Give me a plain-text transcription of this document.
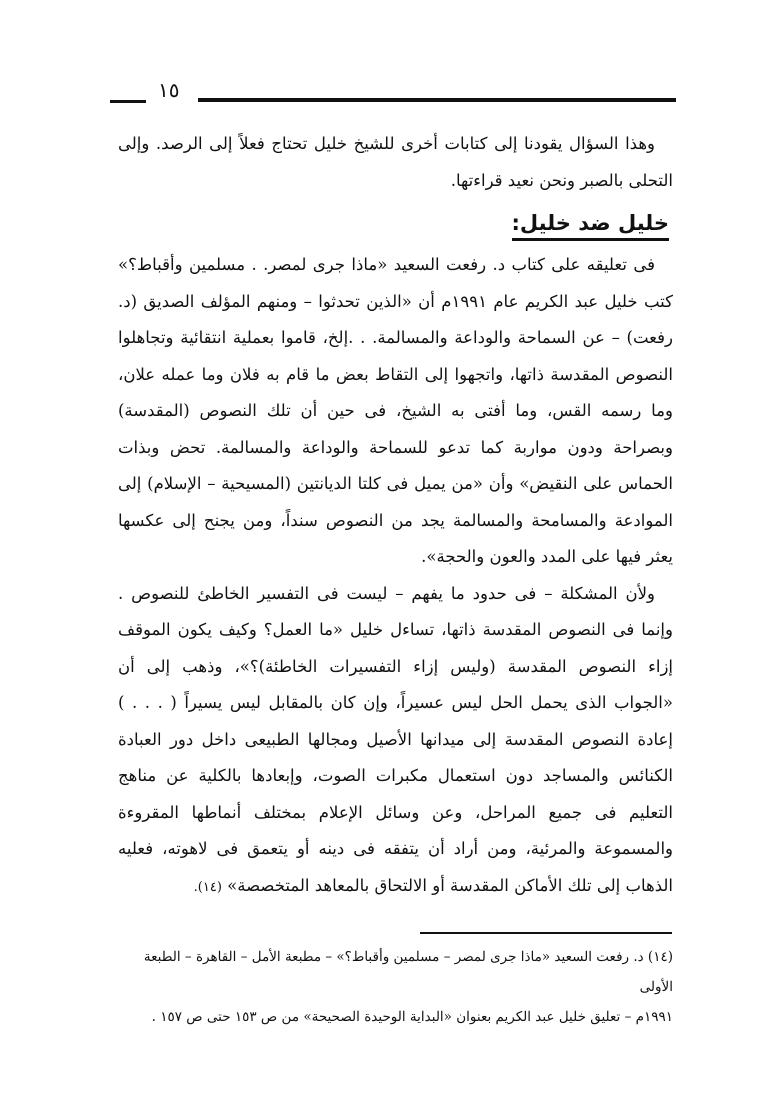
١٥

وهذا السؤال يقودنا إلى كتابات أخرى للشيخ خليل تحتاج فعلاً إلى الرصد. وإلى التحلى بالصبر ونحن نعيد قراءتها.

خليل ضد خليل:

فى تعليقه على كتاب د. رفعت السعيد «ماذا جرى لمصر. . مسلمين وأقباط؟» كتب خليل عبد الكريم عام ١٩٩١م أن «الذين تحدثوا – ومنهم المؤلف الصديق (د. رفعت) – عن السماحة والوداعة والمسالمة. . .إلخ، قاموا بعملية انتقائية وتجاهلوا النصوص المقدسة ذاتها، واتجهوا إلى التقاط بعض ما قام به فلان وما عمله علان، وما رسمه القس، وما أفتى به الشيخ، فى حين أن تلك النصوص (المقدسة) وبصراحة ودون مواربة كما تدعو للسماحة والوداعة والمسالمة. تحض وبذات الحماس على النقيض» وأن «من يميل فى كلتا الديانتين (المسيحية – الإسلام) إلى الموادعة والمسامحة والمسالمة يجد من النصوص سنداً، ومن يجنح إلى عكسها يعثر فيها على المدد والعون والحجة».

ولأن المشكلة – فى حدود ما يفهم – ليست فى التفسير الخاطئ للنصوص . وإنما فى النصوص المقدسة ذاتها، تساءل خليل «ما العمل؟ وكيف يكون الموقف إزاء النصوص المقدسة (وليس إزاء التفسيرات الخاطئة)؟»، وذهب إلى أن «الجواب الذى يحمل الحل ليس عسيراً، وإن كان بالمقابل ليس يسيراً ( . . . ) إعادة النصوص المقدسة إلى ميدانها الأصيل ومجالها الطبيعى داخل دور العبادة الكنائس والمساجد دون استعمال مكبرات الصوت، وإبعادها بالكلية عن مناهج التعليم فى جميع المراحل، وعن وسائل الإعلام بمختلف أنماطها المقروءة والمسموعة والمرئية، ومن أراد أن يتفقه فى دينه أو يتعمق فى لاهوته، فعليه الذهاب إلى تلك الأماكن المقدسة أو الالتحاق بالمعاهد المتخصصة» (١٤).

(١٤) د. رفعت السعيد «ماذا جرى لمصر – مسلمين وأقباط؟» – مطبعة الأمل – القاهرة – الطبعة الأولى

١٩٩١م – تعليق خليل عبد الكريم بعنوان «البداية الوحيدة الصحيحة» من ص ١٥٣ حتى ص ١٥٧ .
